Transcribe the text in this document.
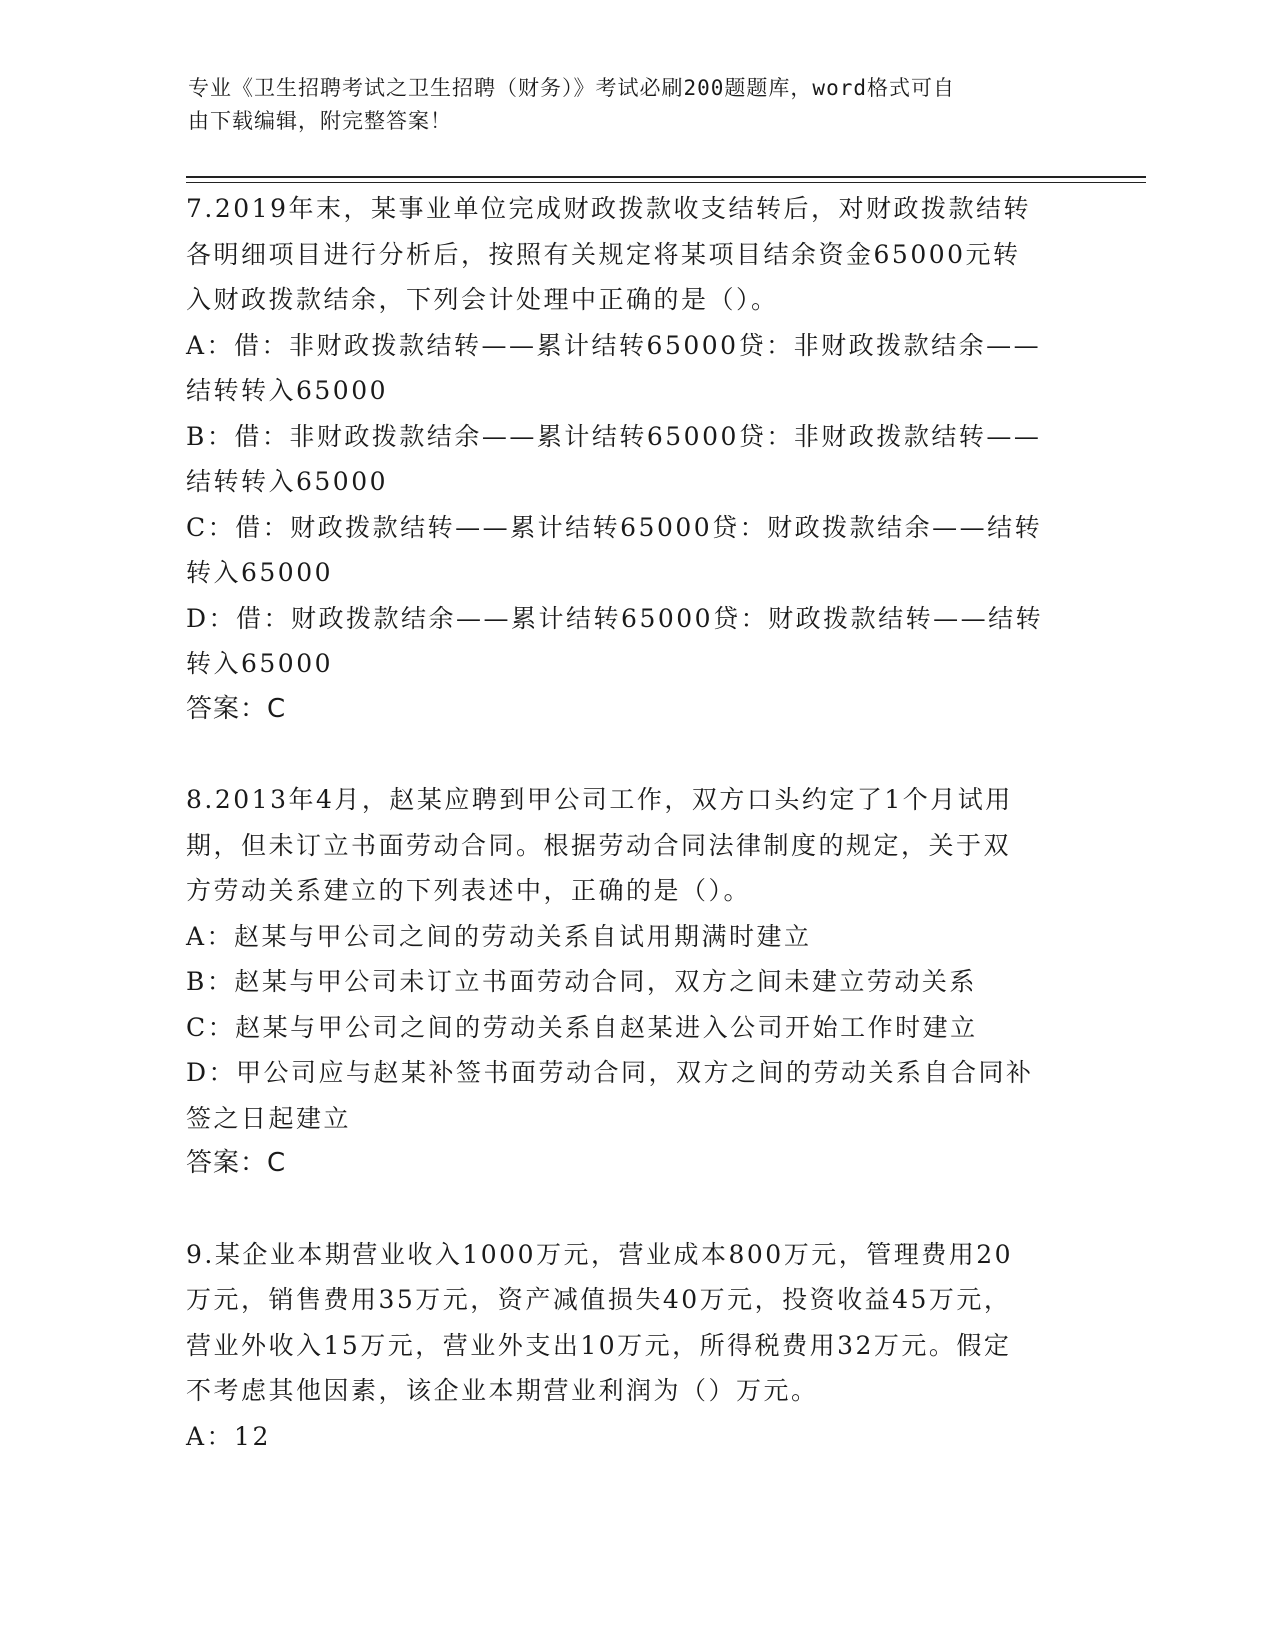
专业《卫生招聘考试之卫生招聘（财务）》考试必刷200题题库，word格式可自
由下载编辑，附完整答案！
7.2019年末，某事业单位完成财政拨款收支结转后，对财政拨款结转
各明细项目进行分析后，按照有关规定将某项目结余资金65000元转
入财政拨款结余，下列会计处理中正确的是（）。
A：借：非财政拨款结转——累计结转65000贷：非财政拨款结余——
结转转入65000
B：借：非财政拨款结余——累计结转65000贷：非财政拨款结转——
结转转入65000
C：借：财政拨款结转——累计结转65000贷：财政拨款结余——结转
转入65000
D：借：财政拨款结余——累计结转65000贷：财政拨款结转——结转
转入65000
答案：C
8.2013年4月，赵某应聘到甲公司工作，双方口头约定了1个月试用
期，但未订立书面劳动合同。根据劳动合同法律制度的规定，关于双
方劳动关系建立的下列表述中，正确的是（）。
A：赵某与甲公司之间的劳动关系自试用期满时建立
B：赵某与甲公司未订立书面劳动合同，双方之间未建立劳动关系
C：赵某与甲公司之间的劳动关系自赵某进入公司开始工作时建立
D：甲公司应与赵某补签书面劳动合同，双方之间的劳动关系自合同补
签之日起建立
答案：C
9.某企业本期营业收入1000万元，营业成本800万元，管理费用20
万元，销售费用35万元，资产减值损失40万元，投资收益45万元，
营业外收入15万元，营业外支出10万元，所得税费用32万元。假定
不考虑其他因素，该企业本期营业利润为（）万元。
A：12
